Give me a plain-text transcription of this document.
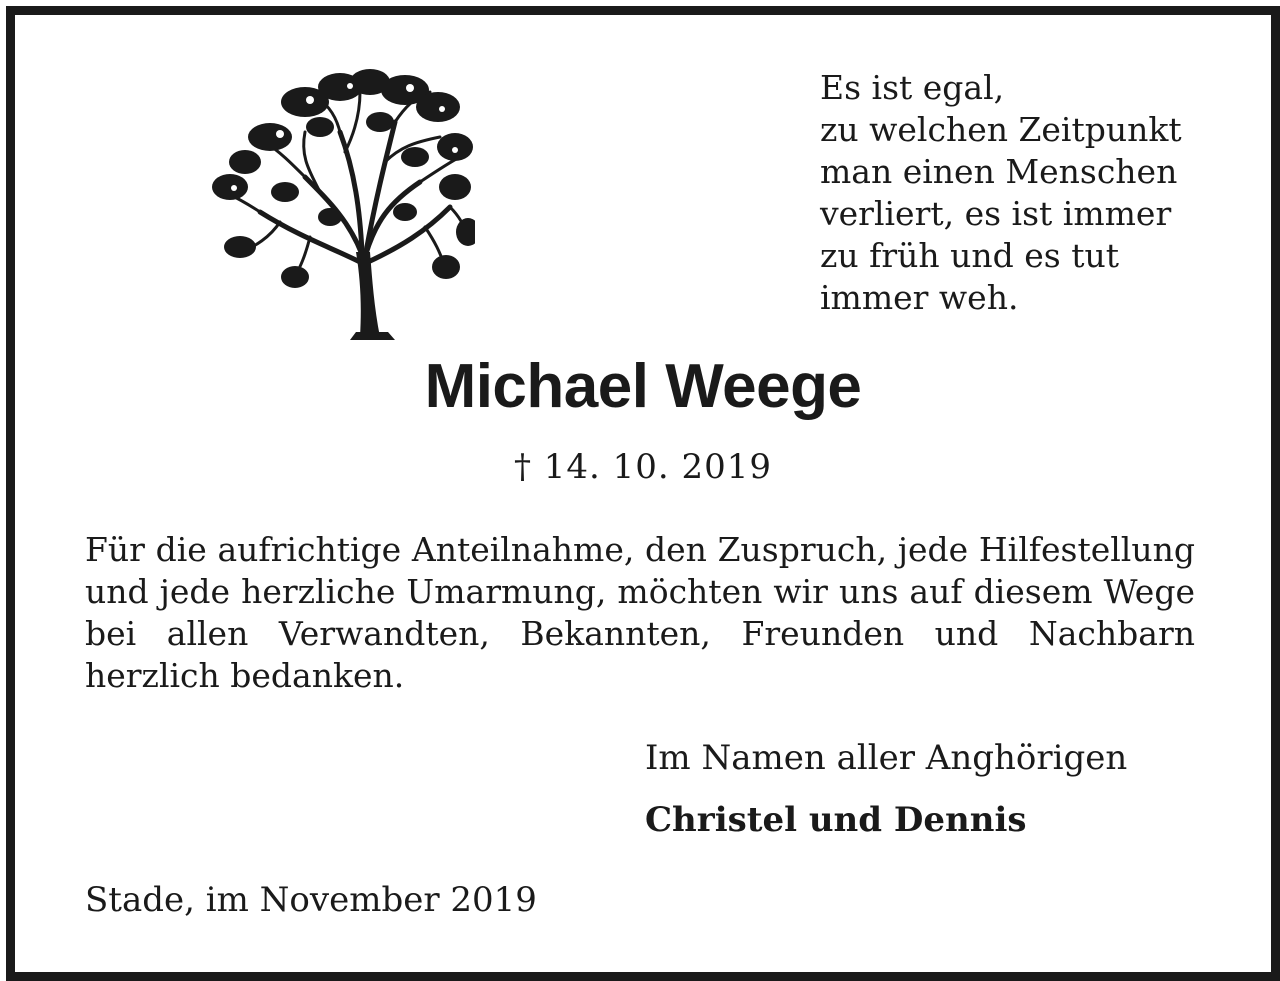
Es ist egal,
zu welchen Zeitpunkt
man einen Menschen
verliert, es ist immer
zu früh und es tut
immer weh.
Michael Weege
† 14. 10. 2019
Für die aufrichtige Anteilnahme, den Zuspruch, jede Hilfestellung und jede herzliche Umarmung, möchten wir uns auf diesem Wege bei allen Verwandten, Bekannten, Freunden und Nachbarn herzlich bedanken.
Im Namen aller Anghörigen
Christel und Dennis
Stade, im November 2019
